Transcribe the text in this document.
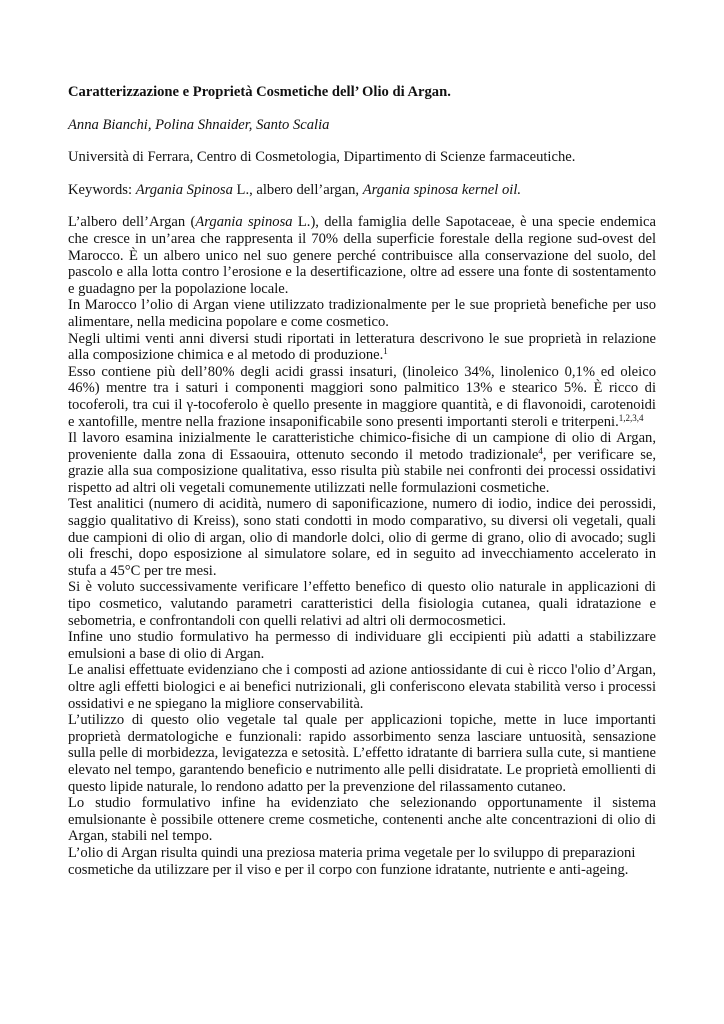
Caratterizzazione e Proprietà Cosmetiche dell’ Olio di Argan.
Anna Bianchi, Polina Shnaider, Santo Scalia
Università di Ferrara, Centro di Cosmetologia, Dipartimento di Scienze farmaceutiche.
Keywords: Argania Spinosa L., albero dell’argan, Argania spinosa kernel oil.

L’albero dell’Argan (Argania spinosa L.), della famiglia delle Sapotaceae, è una specie endemica che cresce in un’area che rappresenta il 70% della superficie forestale della regione sud-ovest del Marocco. È un albero unico nel suo genere perché contribuisce alla conservazione del suolo, del pascolo e alla lotta contro l’erosione e la desertificazione, oltre ad essere una fonte di sostentamento e guadagno per la popolazione locale.

In Marocco l’olio di Argan viene utilizzato tradizionalmente per le sue proprietà benefiche per uso alimentare, nella medicina popolare e come cosmetico.

Negli ultimi venti anni diversi studi riportati in letteratura descrivono le sue proprietà in relazione alla composizione chimica e al metodo di produzione.$^1$

Esso contiene più dell’80% degli acidi grassi insaturi, (linoleico 34%, linolenico 0,1% ed oleico 46%) mentre tra i saturi i componenti maggiori sono palmitico 13% e stearico 5%. È ricco di tocoferoli, tra cui il γ-tocoferolo è quello presente in maggiore quantità, e di flavonoidi, carotenoidi e xantofille, mentre nella frazione insaponificabile sono presenti importanti steroli e triterpeni.$^{1,2,3,4}$

Il lavoro esamina inizialmente le caratteristiche chimico-fisiche di un campione di olio di Argan, proveniente dalla zona di Essaouira, ottenuto secondo il metodo tradizionale$^4$, per verificare se, grazie alla sua composizione qualitativa, esso risulta più stabile nei confronti dei processi ossidativi rispetto ad altri oli vegetali comunemente utilizzati nelle formulazioni cosmetiche.

Test analitici (numero di acidità, numero di saponificazione, numero di iodio, indice dei perossidi, saggio qualitativo di Kreiss), sono stati condotti in modo comparativo, su diversi oli vegetali, quali due campioni di olio di argan, olio di mandorle dolci, olio di germe di grano, olio di avocado; sugli oli freschi, dopo esposizione al simulatore solare, ed in seguito ad invecchiamento accelerato in stufa a 45°C per tre mesi.

Si è voluto successivamente verificare l’effetto benefico di questo olio naturale in applicazioni di tipo cosmetico, valutando parametri caratteristici della fisiologia cutanea, quali idratazione e sebometria, e confrontandoli con quelli relativi ad altri oli dermocosmetici.

Infine uno studio formulativo ha permesso di individuare gli eccipienti più adatti a stabilizzare emulsioni a base di olio di Argan.

Le analisi effettuate evidenziano che i composti ad azione antiossidante di cui è ricco l'olio d’Argan, oltre agli effetti biologici e ai benefici nutrizionali, gli conferiscono elevata stabilità verso i processi ossidativi e ne spiegano la migliore conservabilità.

L’utilizzo di questo olio vegetale tal quale per applicazioni topiche, mette in luce importanti proprietà dermatologiche e funzionali: rapido assorbimento senza lasciare untuosità, sensazione sulla pelle di morbidezza, levigatezza e setosità. L’effetto idratante di barriera sulla cute, si mantiene elevato nel tempo, garantendo beneficio e nutrimento alle pelli disidratate. Le proprietà emollienti di questo lipide naturale, lo rendono adatto per la prevenzione del rilassamento cutaneo.

Lo studio formulativo infine ha evidenziato che selezionando opportunamente il sistema emulsionante è possibile ottenere creme cosmetiche, contenenti anche alte concentrazioni di olio di Argan, stabili nel tempo.

L’olio di Argan risulta quindi una preziosa materia prima vegetale per lo sviluppo di preparazioni cosmetiche da utilizzare per il viso e per il corpo con funzione idratante, nutriente e anti-ageing.
